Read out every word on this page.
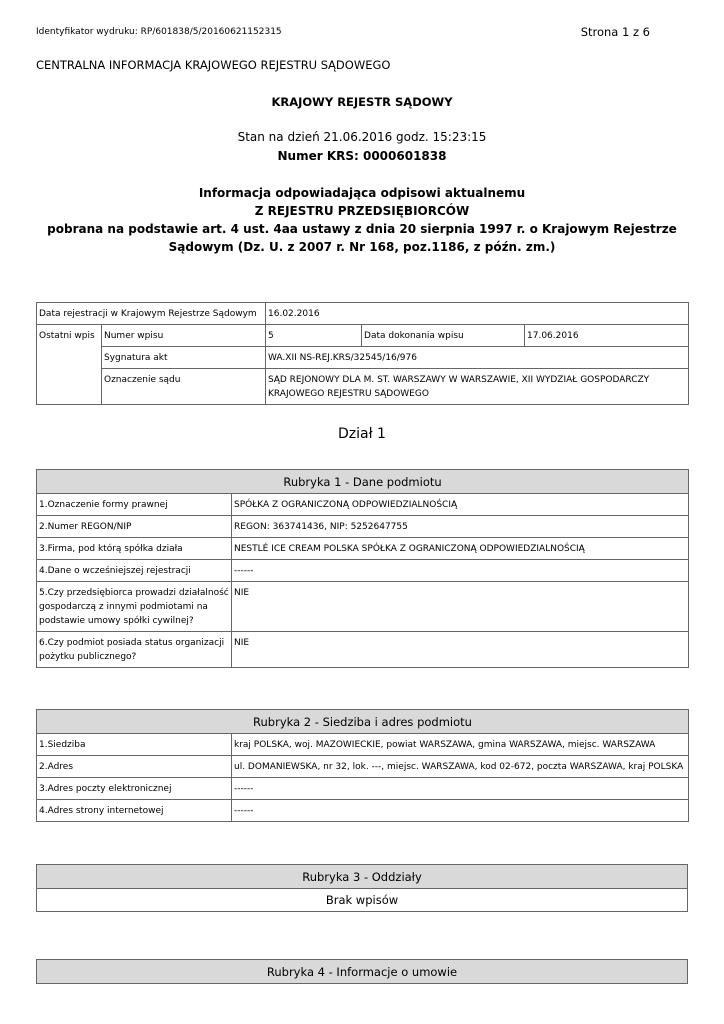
Identyfikator wydruku: RP/601838/5/20160621152315	Strona 1 z 6
CENTRALNA INFORMACJA KRAJOWEGO REJESTRU SĄDOWEGO
KRAJOWY REJESTR SĄDOWY
Stan na dzień 21.06.2016 godz. 15:23:15
Numer KRS: 0000601838
Informacja odpowiadająca odpisowi aktualnemu
Z REJESTRU PRZEDSIĘBIORCÓW
pobrana na podstawie art. 4 ust. 4aa ustawy z dnia 20 sierpnia 1997 r. o Krajowym Rejestrze
Sądowym (Dz. U. z 2007 r. Nr 168, poz.1186, z późn. zm.)
Data rejestracji w Krajowym Rejestrze Sądowym		16.02.2016		
Ostatni wpis	Numer wpisu	5	Data dokonania wpisu	17.06.2016
	Sygnatura akt	WA.XII NS-REJ.KRS/32545/16/976		
	Oznaczenie sądu	SĄD REJONOWY DLA M. ST. WARSZAWY W WARSZAWIE, XII WYDZIAŁ GOSPODARCZY KRAJOWEGO REJESTRU SĄDOWEGO		
Dział 1
Rubryka 1 - Dane podmiotu	
1.Oznaczenie formy prawnej	SPÓŁKA Z OGRANICZONĄ ODPOWIEDZIALNOŚCIĄ
2.Numer REGON/NIP	REGON: 363741436, NIP: 5252647755
3.Firma, pod którą spółka działa	NESTLÉ ICE CREAM POLSKA SPÓŁKA Z OGRANICZONĄ ODPOWIEDZIALNOŚCIĄ
4.Dane o wcześniejszej rejestracji	------
5.Czy przedsiębiorca prowadzi działalność gospodarczą z innymi podmiotami na podstawie umowy spółki cywilnej?	NIE
6.Czy podmiot posiada status organizacji pożytku publicznego?	NIE
Rubryka 2 - Siedziba i adres podmiotu	
1.Siedziba	kraj POLSKA, woj. MAZOWIECKIE, powiat WARSZAWA, gmina WARSZAWA, miejsc. WARSZAWA
2.Adres	ul. DOMANIEWSKA, nr 32, lok. ---, miejsc. WARSZAWA, kod 02-672, poczta WARSZAWA, kraj POLSKA
3.Adres poczty elektronicznej	------
4.Adres strony internetowej	------
Rubryka 3 - Oddziały
Brak wpisów
Rubryka 4 - Informacje o umowie
